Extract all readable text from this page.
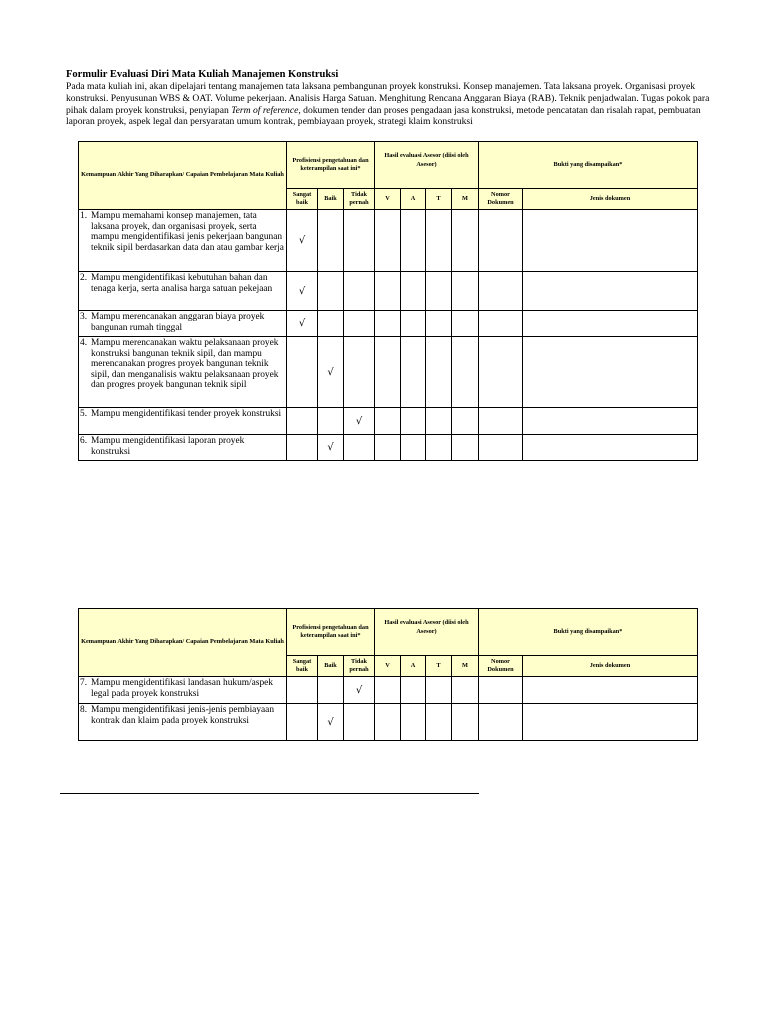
Formulir Evaluasi Diri Mata Kuliah Manajemen Konstruksi

Pada mata kuliah ini, akan dipelajari tentang manajemen tata laksana pembangunan proyek konstruksi. Konsep manajemen. Tata laksana proyek. Organisasi proyek konstruksi. Penyusunan WBS & OAT. Volume pekerjaan. Analisis Harga Satuan. Menghitung Rencana Anggaran Biaya (RAB). Teknik penjadwalan. Tugas pokok para pihak dalam proyek konstruksi, penyiapan Term of reference, dokumen tender dan proses pengadaan jasa konstruksi, metode pencatatan dan risalah rapat, pembuatan laporan proyek, aspek legal dan persyaratan umum kontrak, pembiayaan proyek, strategi klaim konstruksi

Kemampuan Akhir Yang Diharapkan/ Capaian Pembelajaran Mata Kuliah	Profisiensi pengetahuan dan keterampilan saat ini*			Hasil evaluasi Asesor (diisi oleh Asesor)				Bukti yang disampaikan*	
	Sangat baik	Baik	Tidak pernah	V	A	T	M	Nomor Dokumen	Jenis dokumen

1. Mampu memahami konsep manajemen, tata laksana proyek, dan organisasi proyek, serta mampu mengidentifikasi jenis pekerjaan bangunan teknik sipil berdasarkan data dan atau gambar kerja	√								

2. Mampu mengidentifikasi kebutuhan bahan dan tenaga kerja, serta analisa harga satuan pekejaan	√								

3. Mampu merencanakan anggaran biaya proyek bangunan rumah tinggal	√								

4. Mampu merencanakan waktu pelaksanaan proyek konstruksi bangunan teknik sipil, dan mampu merencanakan progres proyek bangunan teknik sipil, dan menganalisis waktu pelaksanaan proyek dan progres proyek bangunan teknik sipil		√							

5. Mampu mengidentifikasi tender proyek konstruksi			√						

6. Mampu mengidentifikasi laporan proyek konstruksi		√							
Kemampuan Akhir Yang Diharapkan/ Capaian Pembelajaran Mata Kuliah	Profisiensi pengetahuan dan keterampilan saat ini*			Hasil evaluasi Asesor (diisi oleh Asesor)				Bukti yang disampaikan*	
	Sangat baik	Baik	Tidak pernah	V	A	T	M	Nomor Dokumen	Jenis dokumen

7. Mampu mengidentifikasi landasan hukum/aspek legal pada proyek konstruksi			√						

8. Mampu mengidentifikasi jenis-jenis pembiayaan kontrak dan klaim pada proyek konstruksi		√							
